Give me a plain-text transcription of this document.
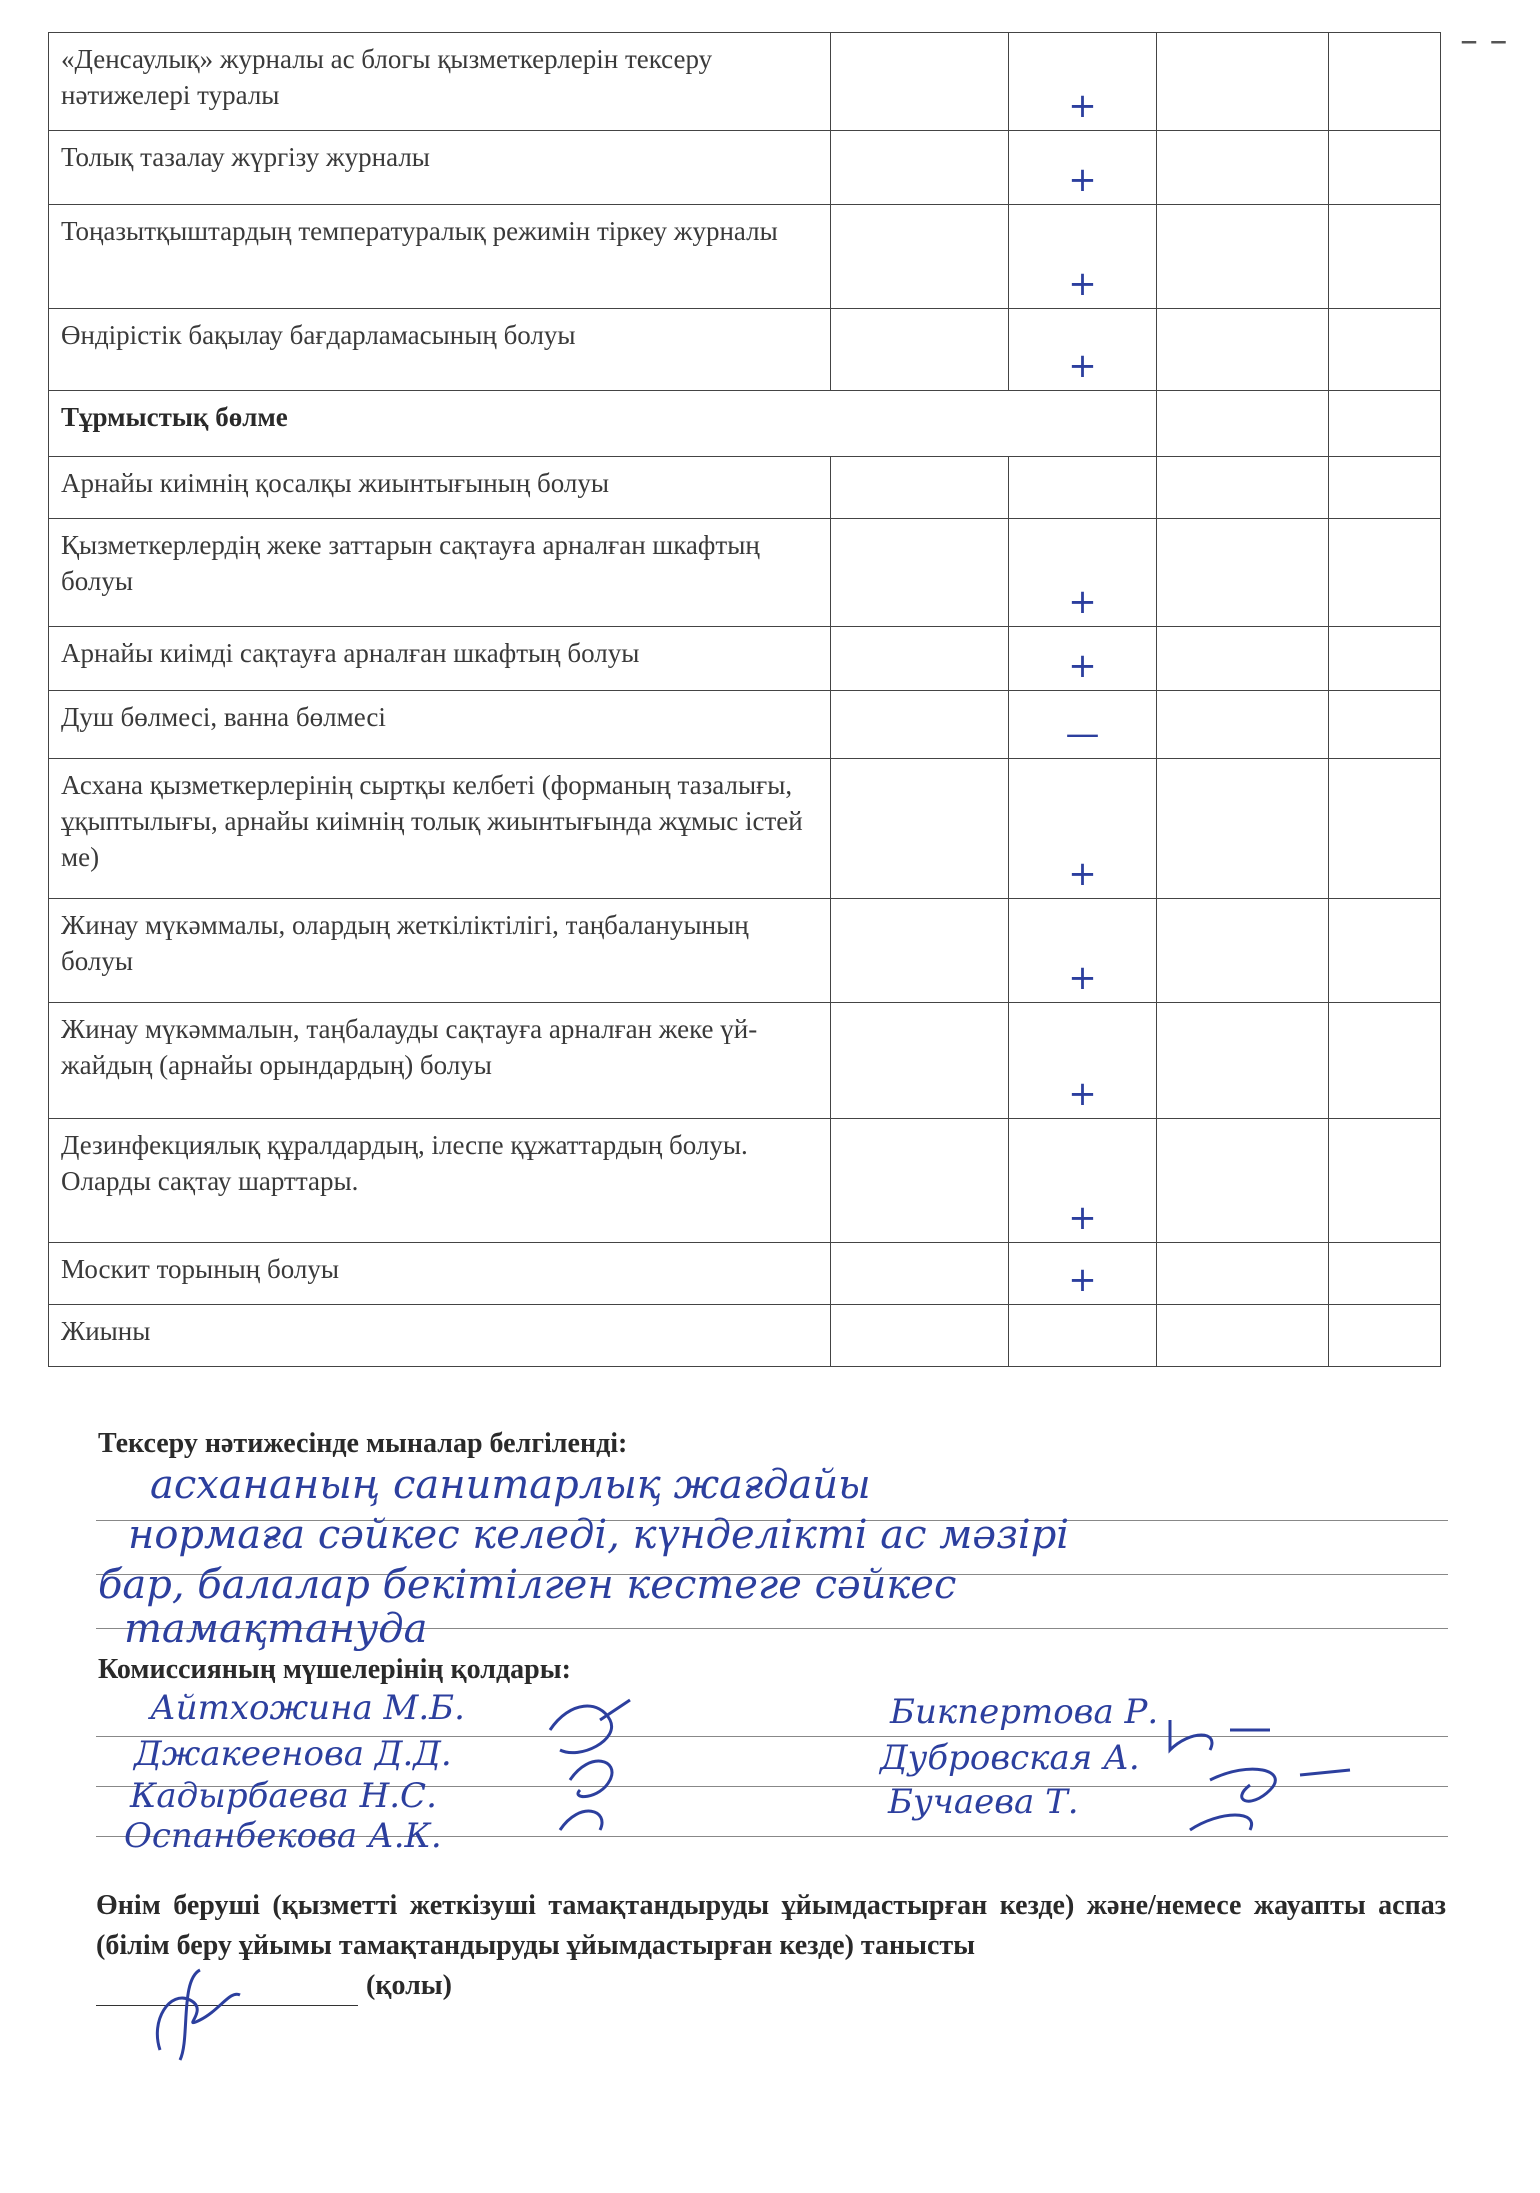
– –
«Денсаулық» журналы ас блогы қызметкерлерін тексеру нәтижелері туралы		+		
Толық тазалау жүргізу журналы		+		
Тоңазытқыштардың температуралық режимін тіркеу журналы		+		
Өндірістік бақылау бағдарламасының болуы		+		
Тұрмыстық бөлме				
Арнайы киімнің қосалқы жиынтығының болуы				
Қызметкерлердің жеке заттарын сақтауға арналған шкафтың болуы		+		
Арнайы киімді сақтауға арналған шкафтың болуы		+		
Душ бөлмесі, ванна бөлмесі		—		
Асхана қызметкерлерінің сыртқы келбеті (форманың тазалығы, ұқыптылығы, арнайы киімнің толық жиынтығында жұмыс істей ме)		+		
Жинау мүкәммалы, олардың жеткіліктілігі, таңбалануының болуы		+		
Жинау мүкәммалын, таңбалауды сақтауға арналған жеке үй-жайдың (арнайы орындардың) болуы		+		
Дезинфекциялық құралдардың, ілеспе құжаттардың болуы. Оларды сақтау шарттары.		+		
Москит торының болуы		+		
Жиыны				
Тексеру нәтижесінде мыналар белгіленді:
асхананың санитарлық жағдайы
нормаға сәйкес келеді, күнделікті ас мәзірі
бар, балалар бекітілген кестеге сәйкес
тамақтануда
Комиссияның мүшелерінің қолдары:
Айтхожина М.Б.
Джакеенова Д.Д.
Кадырбаева Н.С.
Оспанбекова А.К.
Бикпертова Р.
Дубровская А.
Бучаева Т.
Өнім беруші (қызметті жеткізуші тамақтандыруды ұйымдастырған кезде) және/немесе жауапты аспаз (білім беру ұйымы тамақтандыруды ұйымдастырған кезде) танысты
(қолы)
